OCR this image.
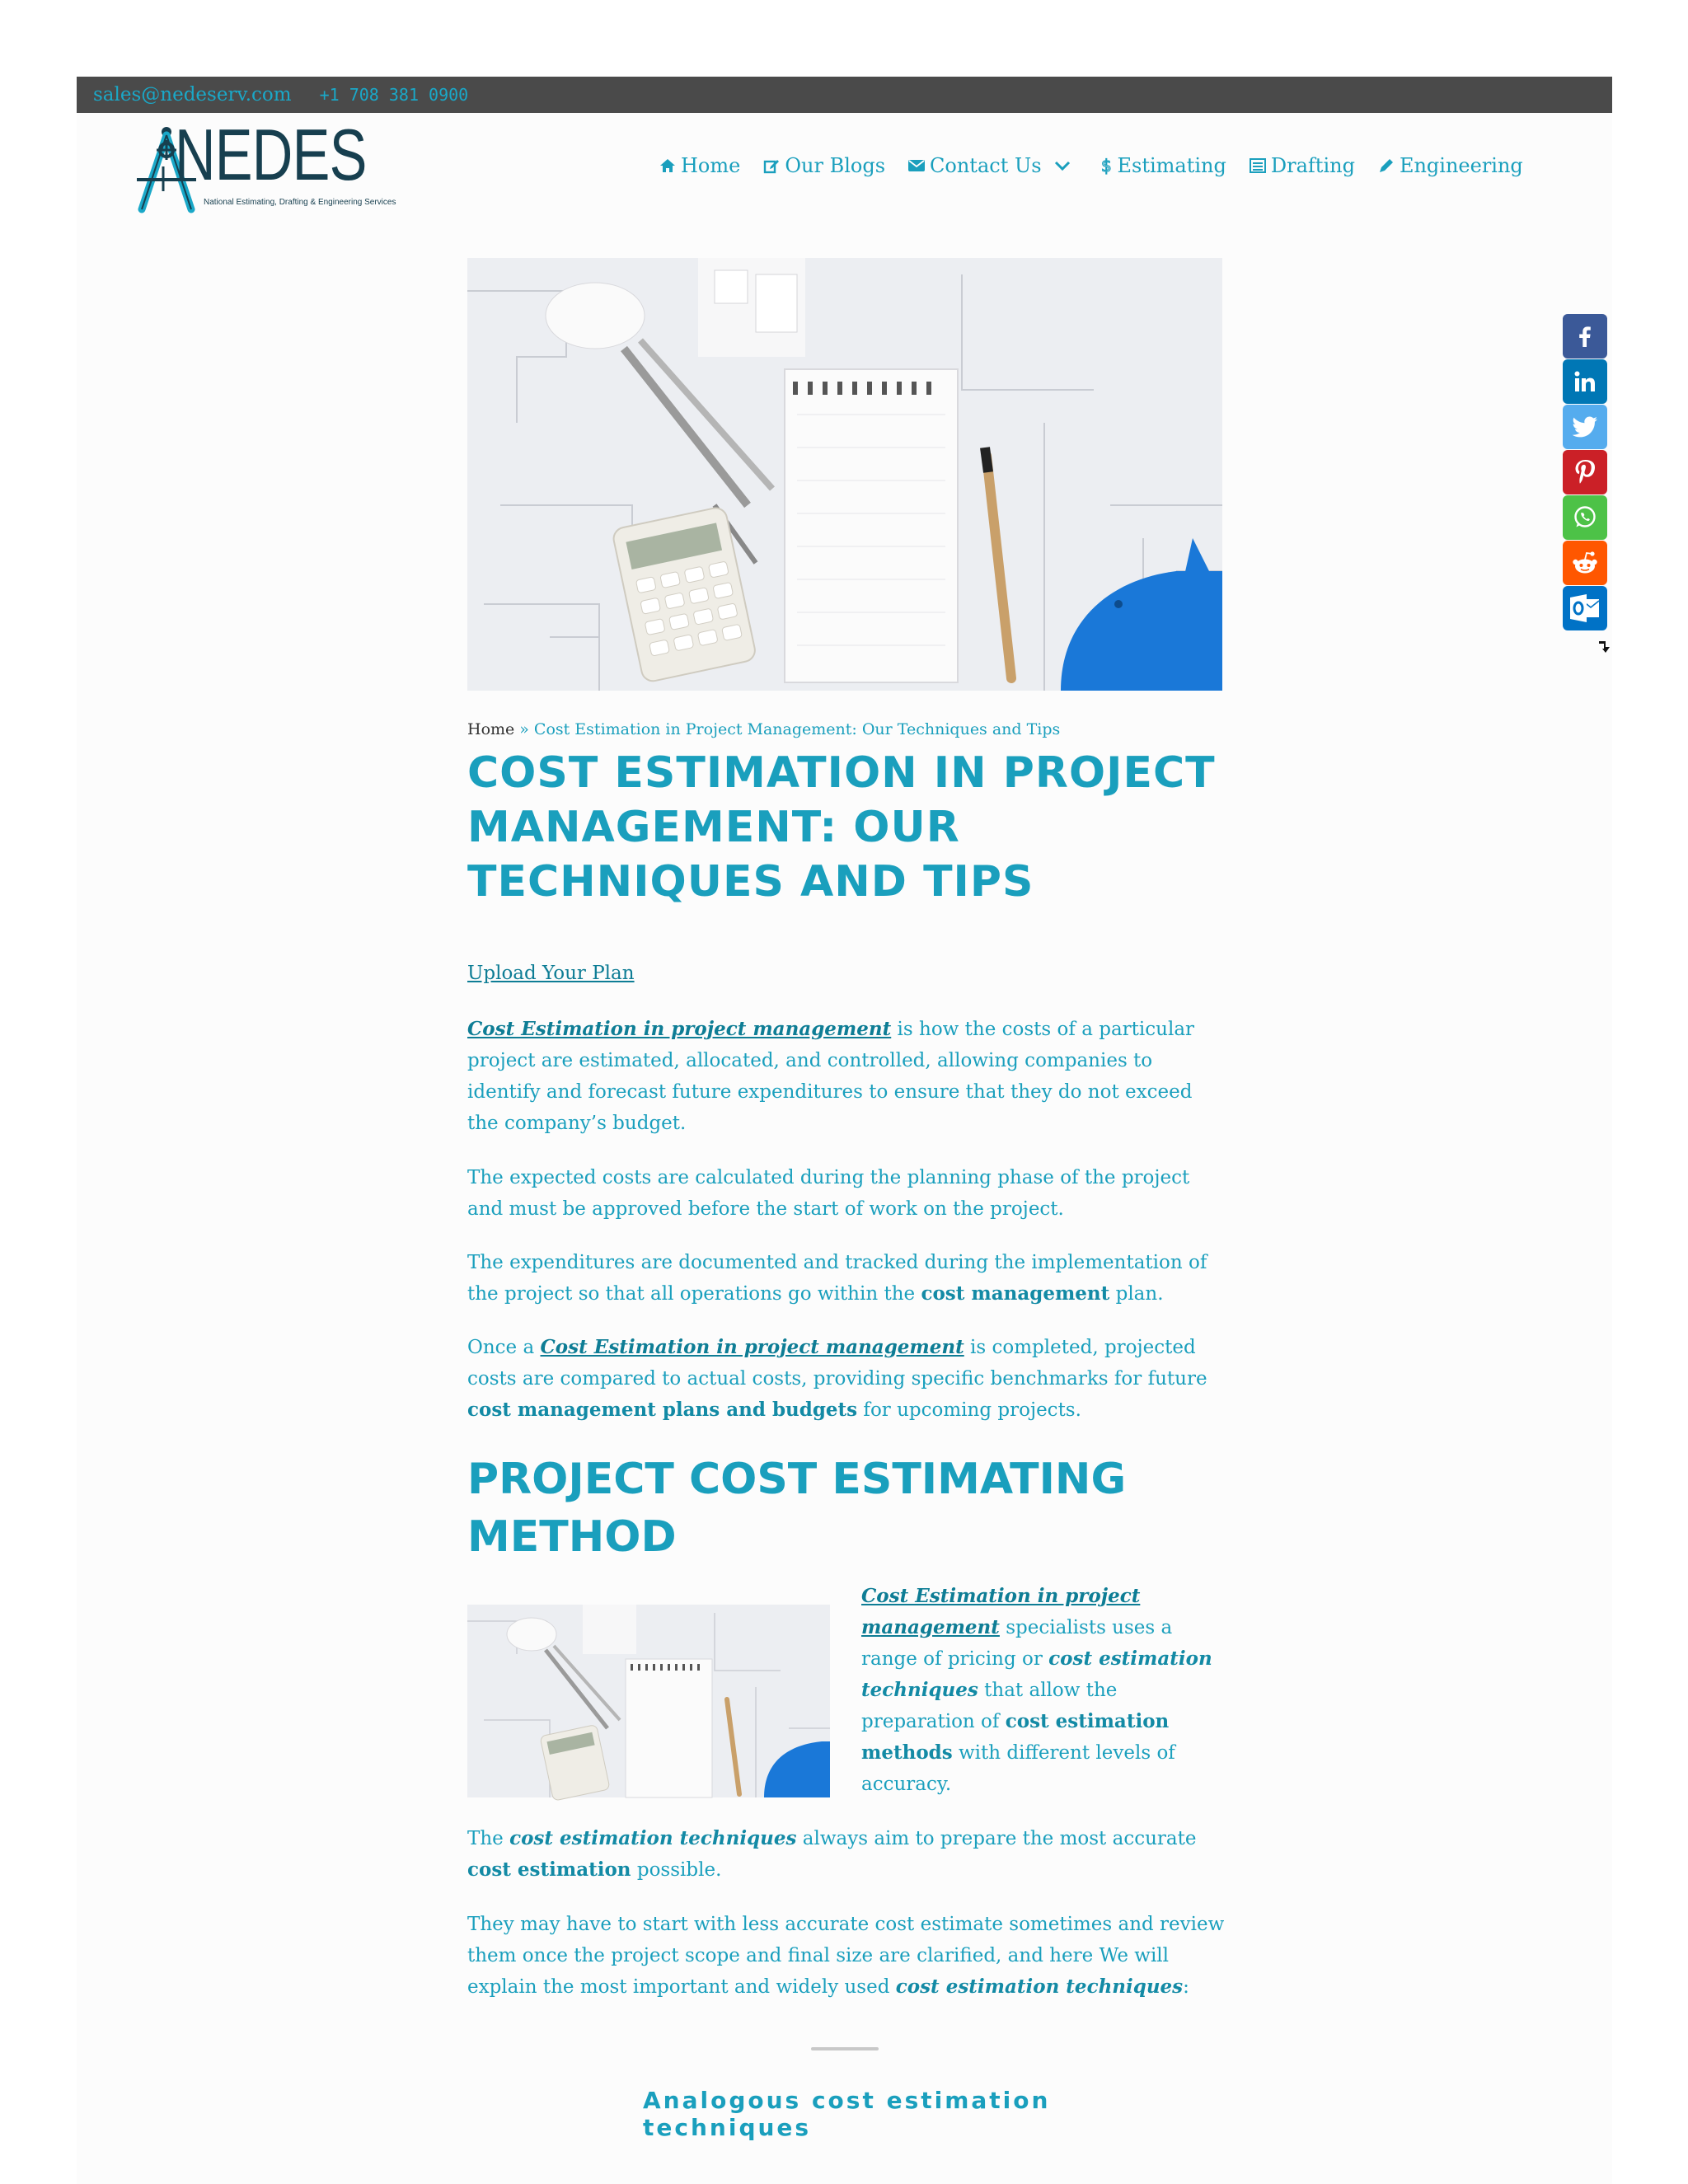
sales@nedeserv.com +1 708 381 0900
NEDES
National Estimating, Drafting & Engineering Services
Home Our Blogs Contact Us	$ Estimating Drafting Engineering
Home » Cost Estimation in Project Management: Our Techniques and Tips
COST ESTIMATION IN PROJECT MANAGEMENT: OUR TECHNIQUES AND TIPS
Upload Your Plan

Cost Estimation in project management is how the costs of a particular project are estimated, allocated, and controlled, allowing companies to identify and forecast future expenditures to ensure that they do not exceed the company’s budget.

The expected costs are calculated during the planning phase of the project and must be approved before the start of work on the project.

The expenditures are documented and tracked during the implementation of the project so that all operations go within the cost management plan.

Once a Cost Estimation in project management is completed, projected costs are compared to actual costs, providing specific benchmarks for future cost management plans and budgets for upcoming projects.

PROJECT COST ESTIMATING METHOD

Cost Estimation in project management specialists uses a range of pricing or cost estimation techniques that allow the preparation of cost estimation methods with different levels of accuracy.

The cost estimation techniques always aim to prepare the most accurate cost estimation possible.

They may have to start with less accurate cost estimate sometimes and review them once the project scope and final size are clarified, and here We will explain the most important and widely used cost estimation techniques:

Analogous cost estimation techniques
